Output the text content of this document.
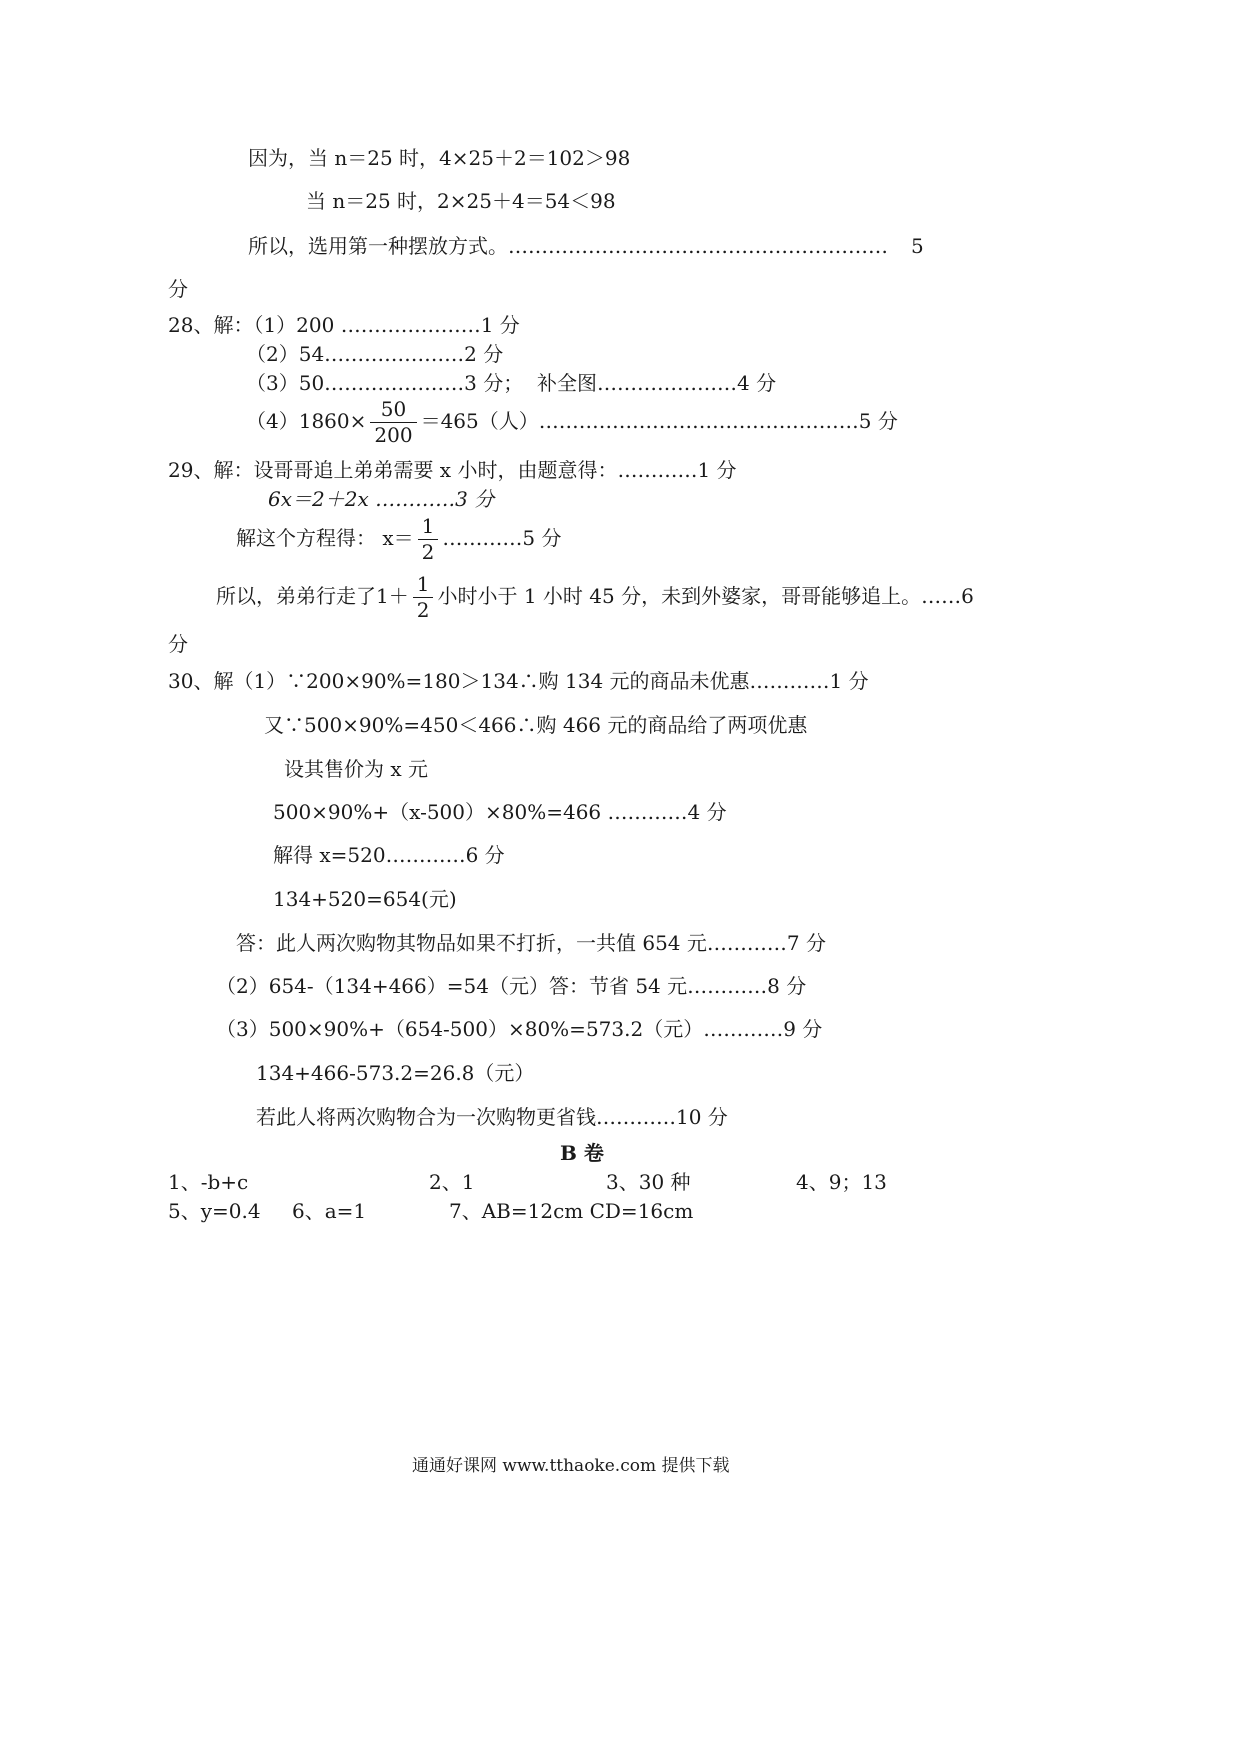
因为，当 n＝25 时，4×25＋2＝102＞98
当 n＝25 时，2×25＋4＝54＜98
所以，选用第一种摆放方式。………………………………………………… 5
分
28、解：（1）200 …………………1 分
（2）54…………………2 分
（3）50…………………3 分； 补全图…………………4 分
$(4)1860\times \frac{50}{200} =465$（人）…………………………………………5 分
29、解：设哥哥追上弟弟需要 x 小时，由题意得：…………1 分
6x＝2＋2x …………3 分
解这个方程得： $x= \frac{1}{2}$ …………5 分
所以，弟弟行走了$1+ \frac{1}{2}$ 小时小于 1 小时 45 分，未到外婆家，哥哥能够追上。……6
分
30、解（1）∵200×90%=180＞134∴购 134 元的商品未优惠…………1 分
又∵500×90%=450＜466∴购 466 元的商品给了两项优惠
设其售价为 x 元
500×90%+（x-500）×80%=466 …………4 分
解得 x=520…………6 分
134+520=654(元)
答：此人两次购物其物品如果不打折，一共值 654 元…………7 分
（2）654-（134+466）=54（元）答：节省 54 元…………8 分
（3）500×90%+（654-500）×80%=573.2（元）…………9 分
134+466-573.2=26.8（元）
若此人将两次购物合为一次购物更省钱…………10 分
B 卷
1、-b+c	2、1	3、30 种	4、9；13
5、y=0.4 6、a=1	7、AB=12cm CD=16cm
通通好课网 www.tthaoke.com 提供下载
